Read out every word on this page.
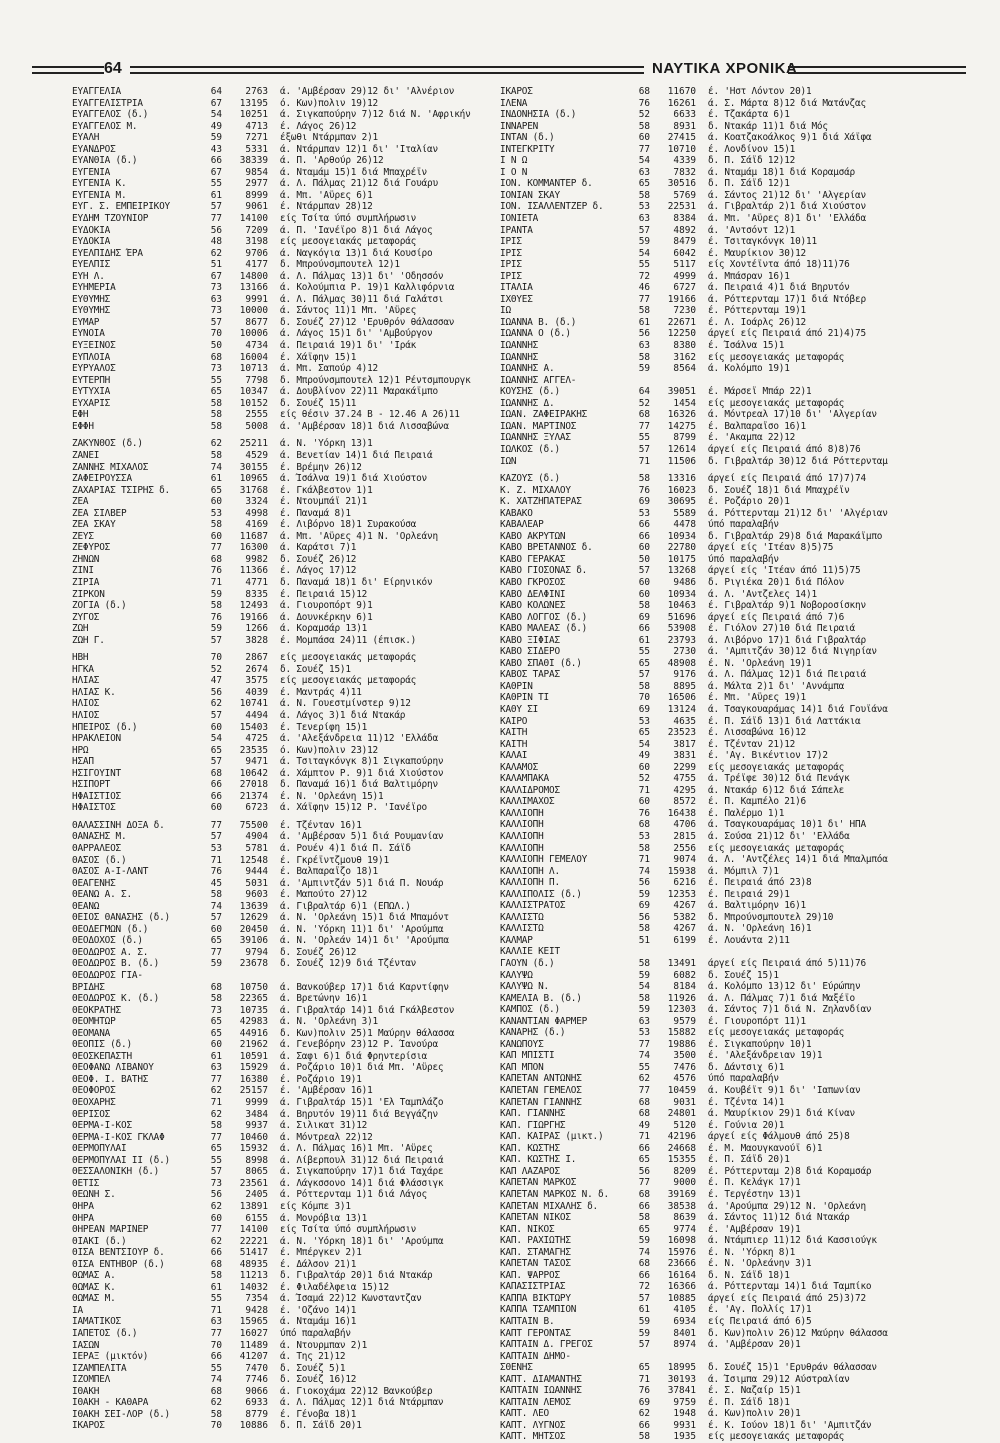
64	ΝΑΥΤΙΚΑ ΧΡΟΝΙΚΑ
ΕΥΑΓΓΕΛΙΑ	64	2763	ά. 'Αμβέρσαν 29)12 δι' 'Αλνέριον
ΕΥΑΓΓΕΛΙΣΤΡΙΑ	67	13195	ό. Κων)πολιν 19)12
ΕΥΑΓΓΕΛΟΣ (δ.)	54	10251	ά. Σιγκαπούρην 7)12 διά Ν. 'Αφρικήν
ΕΥΑΓΓΕΛΟΣ Μ.	49	4713	έ. Λάγος 26)12
ΕΥΑΛΗ	59	7271	έξωθι Ντάρμπαν 2)1
ΕΥΑΝΔΡΟΣ	43	5331	ά. Ντάρμπαν 12)1 δι' 'Ιταλίαν
ΕΥΑΝΘΙΑ (δ.)	66	38339	ά. Π. 'Αρθούρ 26)12
ΕΥΓΕΝΙΑ	67	9854	ά. Νταμάμ 15)1 διά Μπαχρέϊν
ΕΥΓΕΝΙΑ Κ.	55	2977	ά. Λ. Πάλμας 21)12 διά Γουάρυ
ΕΥΓΕΝΙΑ Μ.	61	8999	ά. Μπ. 'Αϋρες 6)1
ΕΥΓ. Σ. ΕΜΠΕΙΡΙΚΟΥ	57	9061	έ. Ντάρμπαν 28)12
ΕΥΔΗΜ ΤΖΟΥΝΙΟΡ	77	14100	είς Τσίτα ύπό συμπλήρωσιν
ΕΥΔΟΚΙΑ	56	7209	ά. Π. 'Ιανέϊρο 8)1 διά Λάγος
ΕΥΔΟΚΙΑ	48	3198	είς μεσογειακάς μεταφοράς
ΕΥΕΛΠΙΔΗΣ ΈΡΑ	62	9706	ά. Ναγκόγια 13)1 διά Κουσίρο
ΕΥΕΛΠΙΣ	51	4177	δ. Μπρούνσμπουτελ 12)1
ΕΥΗ Λ.	67	14800	ά. Λ. Πάλμας 13)1 δι' 'Οδησσόν
ΕΥΗΜΕΡΙΑ	73	13166	ά. Κολούμπια Ρ. 19)1 Καλλιφόρνια
ΕΥΘΥΜΗΣ	63	9991	ά. Λ. Πάλμας 30)11 διά Γαλάτσι
ΕΥΘΥΜΗΣ	73	10000	ά. Σάντος 11)1 Μπ. 'Αϋρες
ΕΥΜΑΡ	57	8677	δ. Σουέζ 27)12 'Ερυθρόν θάλασσαν
ΕΥΝΟΙΑ	70	10006	ά. Λάγος 15)1 δι' 'Αμβούργον
ΕΥΞΕΙΝΟΣ	50	4734	ά. Πειραιά 19)1 δι' 'Ιράκ
ΕΥΠΛΟΙΑ	68	16004	έ. Χάϊφην 15)1
ΕΥΡΥΑΛΟΣ	73	10713	ά. Μπ. Σαπούρ 4)12
ΕΥΤΕΡΠΗ	55	7798	δ. Μπρούνσμπουτελ 12)1 Ρέντσμπουργκ
ΕΥΤΥΧΙΑ	65	10347	ά. Δουβλίνον 22)11 Μαρακάϊμπο
ΕΥΧΑΡΙΣ	58	10152	δ. Σουέζ 15)11
ΕΦΗ	58	2555	είς θέσιν 37.24 Β - 12.46 Α 26)11
ΕΦΦΗ	58	5008	ά. 'Αμβέρσαν 18)1 διά Λισσαβώνα
ΖΑΚΥΝΘΟΣ (δ.)	62	25211	ά. Ν. 'Υόρκη 13)1
ΖΑΝΕΙ	58	4529	ά. Βενετίαν 14)1 διά Πειραιά
ΖΑΝΝΗΣ ΜΙΧΑΛΟΣ	74	30155	έ. Βρέμην 26)12
ΖΑΦΕΙΡΟΥΣΣΑ	61	10965	ά. Ίσάλνα 19)1 διά Χιούστον
ΖΑΧΑΡΙΑΣ ΤΣΙΡΗΣ δ.	65	31768	έ. Γκάλβεστον 1)1
ΖΕΑ	60	3324	έ. Ντουμπάϊ 21)1
ΖΕΑ ΣΙΛΒΕΡ	53	4998	έ. Παναμά 8)1
ΖΕΑ ΣΚΑΥ	58	4169	έ. Λιβόρνο 18)1 Συρακούσα
ΖΕΥΣ	60	11687	ά. Μπ. 'Αϋρες 4)1 Ν. 'Ορλεάνη
ΖΕΦΥΡΟΣ	77	16300	ά. Καράτσι 7)1
ΖΗΝΩΝ	68	9982	δ. Σουέζ 26)12
ΖΙΝΙ	76	11366	έ. Λάγος 17)12
ΖΙΡΙΑ	71	4771	δ. Παναμά 18)1 δι' Είρηνικόν
ΖΙΡΚΟΝ	59	8335	έ. Πειραιά 15)12
ΖΟΓΙΑ (δ.)	58	12493	ά. Γιουροπόρτ 9)1
ΖΥΓΟΣ	76	19166	ά. Δουνκέρκην 6)1
ΖΩΗ	59	1266	ά. Κοραμσάρ 13)1
ΖΩΗ Γ.	57	3828	έ. Μομπάσα 24)11 (έπισκ.)
ΗΒΗ	70	2867	είς μεσογειακάς μεταφοράς
ΗΓΚΑ	52	2674	δ. Σουέζ 15)1
ΗΛΙΑΣ	47	3575	είς μεσογειακάς μεταφοράς
ΗΛΙΑΣ Κ.	56	4039	έ. Μαντράς 4)11
ΗΛΙΟΣ	62	10741	ά. Ν. Γουεστμίνστερ 9)12
ΗΛΙΟΣ	57	4494	ά. Λάγος 3)1 διά Ντακάρ
ΗΠΕΙΡΟΣ (δ.)	60	15403	έ. Τενερίφη 15)1
ΗΡΑΚΛΕΙΟΝ	54	4725	ά. 'Αλεξάνδρεια 11)12 'Ελλάδα
ΗΡΩ	65	23535	ό. Κων)πολιν 23)12
ΗΣΑΠ	57	9471	ά. Τσιταγκόνγκ 8)1 Σιγκαπούρην
ΗΣΙΓΟΥΙΝΤ	68	10642	ά. Χάμπτον Ρ. 9)1 διά Χιούστον
ΗΣΙΠΟΡΤ	66	27018	δ. Παναμά 16)1 διά Βαλτιμόρην
ΗΦΑΙΣΤΙΟΣ	66	21374	έ. Ν. 'Ορλεάνη 15)1
ΗΦΑΙΣΤΟΣ	60	6723	ά. Χάϊφην 15)12 Ρ. 'Ιανέϊρο
ΘΑΛΑΣΣΙΝΗ ΔΟΞΑ δ.	77	75500	έ. Τζένταν 16)1
ΘΑΝΑΣΗΣ Μ.	57	4904	ά. 'Αμβέρσαν 5)1 διά Ρουμανίαν
ΘΑΡΡΑΛΕΟΣ	53	5781	ά. Ρουέν 4)1 διά Π. Σάϊδ
ΘΑΣΟΣ (δ.)	71	12548	έ. Γκρέϊντζμουθ 19)1
ΘΑΣΟΣ Α-Ι-ΛΑΝΤ	76	9444	έ. Βαλπαραΐζο 18)1
ΘΕΑΓΕΝΗΣ	45	5031	ά. 'Αμπιντζάν 5)1 διά Π. Νουάρ
ΘΕΑΝΩ Α. Σ.	58	9603	έ. Μαπούτο 27)12
ΘΕΑΝΩ	74	13639	ά. Γιβραλτάρ 6)1 (ΕΠΩΛ.)
ΘΕΙΟΣ ΘΑΝΑΣΗΣ (δ.)	57	12629	ά. Ν. 'Ορλεάνη 15)1 διά Μπαμόντ
ΘΕΟΔΕΓΜΩΝ (δ.)	60	20450	ά. Ν. 'Υόρκη 11)1 δι' 'Αρούμπα
ΘΕΟΔΟΧΟΣ (δ.)	65	39106	ά. Ν. 'Ορλεάν 14)1 δι' 'Αρούμπα
ΘΕΟΔΩΡΟΣ Α. Σ.	77	9794	δ. Σουέζ 26)12
ΘΕΟΔΩΡΟΣ Β. (δ.)	59	23678	δ. Σουέζ 12)9 διά Τζένταν
ΘΕΟΔΩΡΟΣ ΓΙΑ-
ΒΡΙΔΗΣ	68	10750	ά. Βανκούβερ 17)1 διά Καρντίφην
ΘΕΟΔΩΡΟΣ Κ. (δ.)	58	22365	ά. Βρετώνην 16)1
ΘΕΟΚΡΑΤΗΣ	73	10735	ά. Γιβραλτάρ 14)1 διά Γκάλβεστον
ΘΕΟΜΗΤΩΡ	65	42983	ά. Ν. 'Ορλεάνη 3)1
ΘΕΟΜΑΝΑ	65	44916	δ. Κων)πολιν 25)1 Μαύρην θάλασσα
ΘΕΟΠΙΣ (δ.)	60	21962	ά. Γενεβόρην 23)12 Ρ. Ίανούρα
ΘΕΟΣΚΕΠΑΣΤΗ	61	10591	ά. Σαφι 6)1 διά Φρηντερίσια
ΘΕΟΦΑΝΩ ΛΙΒΑΝΟΥ	63	15929	ά. Ροζάριο 10)1 διά Μπ. 'Αϋρες
ΘΕΟΦ. Ι. ΒΑΤΗΣ	77	16380	έ. Ροζάριο 19)1
ΘΕΟΦΟΡΟΣ	62	25157	έ. 'Αμβέρσαν 16)1
ΘΕΟΧΑΡΗΣ	71	9999	ά. Γιβραλτάρ 15)1 'Ελ Ταμπλάζο
ΘΕΡΙΣΟΣ	62	3484	ά. Βηρυτόν 19)11 διά Βεγγάζην
ΘΕΡΜΑ-Ι-ΚΟΣ	58	9937	ά. Σιλικατ 31)12
ΘΕΡΜΑ-Ι-ΚΟΣ ΓΚΛΑΦ	77	10460	ά. Μόντρεαλ 22)12
ΘΕΡΜΟΠΥΛΑΙ	65	15932	ά. Λ. Πάλμας 16)1 Μπ. 'Αϋρες
ΘΕΡΜΟΠΥΛΑΙ ΙΙ (δ.)	55	8998	ά. Λίβερπουλ 31)12 διά Πειραιά
ΘΕΣΣΑΛΟΝΙΚΗ (δ.)	57	8065	ά. Σιγκαπούρην 17)1 διά Ταχάρε
ΘΕΤΙΣ	73	23561	ά. Λάγκσσονο 14)1 διά Φλάσσιγκ
ΘΕΩΝΗ Σ.	56	2405	ά. Ρόττερνταμ 1)1 διά Λάγος
ΘΗΡΑ	62	13891	είς Κόμπε 3)1
ΘΗΡΑ	60	6155	ά. Μονρόβια 13)1
ΘΗΡΕΑΝ ΜΑΡΙΝΕΡ	77	14100	είς Τσίτα ύπό συμπλήρωσιν
ΘΙΑΚΙ (δ.)	62	22221	ά. Ν. 'Υόρκη 18)1 δι' 'Αρούμπα
ΘΙΣΑ ΒΕΝΤΣΙΟΥΡ δ.	66	51417	έ. Μπέργκεν 2)1
ΘΙΣΑ ΕΝΤΗΒΟΡ (δ.)	68	48935	έ. Δάλσον 21)1
ΘΩΜΑΣ Α.	58	11213	δ. Γιβραλτάρ 20)1 διά Ντακάρ
ΘΩΜΑΣ Κ.	61	14032	έ. Φιλαδέλφεια 15)12
ΘΩΜΑΣ Μ.	55	7354	ά. Ίσαμά 22)12 Κωνσταντζαν
ΙΑ	71	9428	έ. 'Οζάνο 14)1
ΙΑΜΑΤΙΚΟΣ	63	15965	ά. Νταμάμ 16)1
ΙΑΠΕΤΟΣ (δ.)	77	16027	ύπό παραλαβήν
ΙΑΣΩΝ	70	11489	ά. Ντουρμπαν 2)1
ΙΕΡΑΞ (μικτόν)	66	41207	ά. Της 21)12
ΙΖΑΜΠΕΛΙΤΑ	55	7470	δ. Σουέζ 5)1
ΙΖΟΜΠΕΛ	74	7746	δ. Σουέζ 16)12
ΙΘΑΚΗ	68	9066	ά. Γιοκοχάμα 22)12 Βανκούβερ
ΙΘΑΚΗ - ΚΑΘΑΡΑ	62	6933	ά. Λ. Πάλμας 12)1 διά Ντάρμπαν
ΙΘΑΚΗ ΣΕΙ-ΛΟΡ (δ.)	58	8779	έ. Γένοβα 18)1
ΙΚΑΡΟΣ	70	10886	δ. Π. Σάϊδ 20)1
ΙΚΑΡΟΣ	68	11670	έ. 'Ηστ Λόντον 20)1
ΙΛΕΝΑ	76	16261	ά. Σ. Μάρτα 8)12 διά Ματάνζας
ΙΝΔΟΝΗΣΙΑ (δ.)	52	6633	έ. Τζακάρτα 6)1
ΙΝΝΑΡΕΝ	58	8931	δ. Ντακάρ 11)1 διά Μός
ΙΝΤΑΝ (δ.)	60	27415	ά. Κοατζακοάλκος 9)1 διά Χάϊφα
ΙΝΤΕΓΚΡΙΤΥ	77	10710	έ. Λονδίνον 15)1
Ι Ν Ω	54	4339	δ. Π. Σάϊδ 12)12
Ι Ο Ν	63	7832	ά. Νταμάμ 18)1 διά Κοραμσάρ
ΙΟΝ. ΚΟΜΜΑΝΤΕΡ δ.	65	30516	δ. Π. Σάϊδ 12)1
ΙΟΝΙΑΝ ΣΚΑΥ	58	5769	ά. Σάντος 21)12 δι' 'Αλγερίαν
ΙΟΝ. ΙΣΑΛΛΕΝΤΖΕΡ δ.	53	22531	ά. Γιβραλτάρ 2)1 διά Χιούστον
ΙΟΝΙΕΤΑ	63	8384	ά. Μπ. 'Αϋρες 8)1 δι' 'Ελλάδα
ΙΡΑΝΤΑ	57	4892	ά. 'Αντσόντ 12)1
ΙΡΙΣ	59	8479	έ. Τσιταγκόνγκ 10)11
ΙΡΙΣ	54	6042	έ. Μαυρίκιον 30)12
ΙΡΙΣ	55	5117	είς Χοντέϊντα άπό 18)11)76
ΙΡΙΣ	72	4999	ά. Μπάσραν 16)1
ΙΤΑΛΙΑ	46	6727	ά. Πειραιά 4)1 διά Βηρυτόν
ΙΧΘΥΕΣ	77	19166	ά. Ρόττερνταμ 17)1 διά Ντόβερ
ΙΩ	58	7230	έ. Ρόττερνταμ 19)1
ΙΩΑΝΝΑ Β. (δ.)	61	22671	έ. Λ. Ιοάρλς 26)12
ΙΩΑΝΝΑ Ο (δ.)	56	12250	άργεί είς Πειραιά άπό 21)4)75
ΙΩΑΝΝΗΣ	63	8380	έ. Ίσάλνα 15)1
ΙΩΑΝΝΗΣ	58	3162	είς μεσογειακάς μεταφοράς
ΙΩΑΝΝΗΣ Α.	59	8564	ά. Κολόμπο 19)1
ΙΩΑΝΝΗΣ ΑΓΓΕΛ-
ΚΟΥΣΗΣ (δ.)	64	39051	έ. Μάρσεϊ Μπάρ 22)1
ΙΩΑΝΝΗΣ Δ.	52	1454	είς μεσογειακάς μεταφοράς
ΙΩΑΝ. ΖΑΦΕΙΡΑΚΗΣ	68	16326	ά. Μόντρεαλ 17)10 δι' 'Αλγερίαν
ΙΩΑΝ. ΜΑΡΤΙΝΟΣ	77	14275	έ. Βαλπαραΐσο 16)1
ΙΩΑΝΝΗΣ ΞΥΛΑΣ	55	8799	έ. 'Ακαμπα 22)12
ΙΩΛΚΟΣ (δ.)	57	12614	άργεί είς Πειραιά άπό 8)8)76
ΙΩΝ	71	11506	δ. Γιβραλτάρ 30)12 διά Ρόττερνταμ
ΚΑΖΟΥΣ (δ.)	58	13316	άργεί είς Πειραιά άπό 17)7)74
Κ. Ζ. ΜΙΧΑΛΟΥ	76	16023	δ. Σουέζ 18)1 διά Μπαχρέϊν
Κ. ΧΑΤΖΗΠΑΤΕΡΑΣ	69	30695	έ. Ροζάριο 20)1
ΚΑΒΑΚΟ	53	5589	ά. Ρόττερνταμ 21)12 δι' 'Αλγέριαν
ΚΑΒΑΛΕΑΡ	66	4478	ύπό παραλαβήν
ΚΑΒΟ ΑΚΡΥΤΩΝ	66	10934	δ. Γιβραλτάρ 29)8 διά Μαρακάϊμπο
ΚΑΒΟ ΒΡΕΤΑΝΝΟΣ δ.	60	22780	άργεί είς 'Ιτέαν 8)5)75
ΚΑΒΟ ΓΕΡΑΚΑΣ	50	10175	ύπό παραλαβήν
ΚΑΒΟ ΓΙΟΣΟΝΑΣ δ.	57	13268	άργεί είς 'Ιτέαν άπό 11)5)75
ΚΑΒΟ ΓΚΡΟΣΟΣ	60	9486	δ. Ριγιέκα 20)1 διά Πόλον
ΚΑΒΟ ΔΕΛΦΙΝΙ	60	10934	ά. Λ. 'Αντζελες 14)1
ΚΑΒΟ ΚΟΛΩΝΕΣ	58	10463	έ. Γιβραλτάρ 9)1 Νοβοροσίσκην
ΚΑΒΟ ΛΟΓΓΟΣ (δ.)	69	51696	άργεί είς Πειραιά άπό 7)6
ΚΑΒΟ ΜΑΛΕΑΣ (δ.)	66	53908	έ. Γιόλον 27)10 διά Πειραιά
ΚΑΒΟ ΞΙΦΙΑΣ	61	23793	ά. Λιβόρνο 17)1 διά Γιβραλτάρ
ΚΑΒΟ ΣΙΔΕΡΟ	55	2730	ά. 'Αμπιτζάν 30)12 διά Νιγηρίαν
ΚΑΒΟ ΣΠΑΘΙ (δ.)	65	48908	έ. Ν. 'Ορλεάνη 19)1
ΚΑΒΟΣ ΤΑΡΑΣ	57	9176	ά. Λ. Πάλμας 12)1 διά Πειραιά
ΚΑΘΡΙΝ	58	8895	ά. Μάλτα 2)1 δι' 'Αννάμπα
ΚΑΘΡΙΝ ΤΙ	70	16506	έ. Μπ. 'Αϋρες 19)1
ΚΑΘΥ ΣΙ	69	13124	ά. Τσαγκουαράμας 14)1 διά Γουϊάνα
ΚΑΙΡΟ	53	4635	έ. Π. Σάϊδ 13)1 διά Λαττάκια
ΚΑΙΤΗ	65	23523	έ. Λισσαβώνα 16)12
ΚΑΙΤΗ	54	3817	έ. Τζένταν 21)12
ΚΑΛΑΙ	49	3831	έ. 'Αγ. Βικέντιον 17)2
ΚΑΛΑΜΟΣ	60	2299	είς μεσογειακάς μεταφοράς
ΚΑΛΑΜΠΑΚΑ	52	4755	ά. Τρέϊφε 30)12 διά Πενάγκ
ΚΑΛΛΙΔΡΟΜΟΣ	71	4295	ά. Ντακάρ 6)12 διά Σάπελε
ΚΑΛΛΙΜΑΧΟΣ	60	8572	έ. Π. Καμπέλο 21)6
ΚΑΛΛΙΟΠΗ	76	16438	έ. Παλέρμο 1)1
ΚΑΛΛΙΟΠΗ	68	4706	ά. Τσαγκουαράμας 10)1 δι' ΗΠΑ
ΚΑΛΛΙΟΠΗ	53	2815	ά. Σούσα 21)12 δι' 'Ελλάδα
ΚΑΛΛΙΟΠΗ	58	2556	είς μεσογειακάς μεταφοράς
ΚΑΛΛΙΟΠΗ ΓΕΜΕΛΟΥ	71	9074	ά. Λ. 'Αντζέλες 14)1 διά Μπαλμπόα
ΚΑΛΛΙΟΠΗ Λ.	74	15938	ά. Μόμπιλ 7)1
ΚΑΛΛΙΟΠΗ Π.	56	6216	έ. Πειραιά άπό 23)8
ΚΑΛΛΙΠΟΛΙΣ (δ.)	59	12353	έ. Πειραιά 29)1
ΚΑΛΛΙΣΤΡΑΤΟΣ	69	4267	ά. Βαλτιμόρην 16)1
ΚΑΛΛΙΣΤΩ	56	5382	δ. Μπρούνσμπουτελ 29)10
ΚΑΛΛΙΣΤΩ	58	4267	ά. Ν. 'Ορλεάνη 16)1
ΚΑΛΜΑΡ	51	6199	έ. Λουάντα 2)11
ΚΑΛΛΙΕ ΚΕΙΤ
ΓΑΟΥΝ (δ.)	58	13491	άργεί είς Πειραιά άπό 5)11)76
ΚΑΛΥΨΩ	59	6082	δ. Σουέζ 15)1
ΚΑΛΥΨΩ Ν.	54	8184	ά. Κολόμπο 13)12 δι' Εύρώπην
ΚΑΜΕΛΙΑ Β. (δ.)	58	11926	ά. Λ. Πάλμας 7)1 διά Μαξέϊο
ΚΑΜΠΟΣ (δ.)	59	12303	ά. Σάντος 7)1 διά Ν. Ζηλανδίαν
ΚΑΝΑΝΤΙΑΝ ΦΑΡΜΕΡ	63	9579	έ. Γιουροπόρτ 11)1
ΚΑΝΑΡΗΣ (δ.)	53	15882	είς μεσογειακάς μεταφοράς
ΚΑΝΩΠΟΥΣ	77	19886	έ. Σιγκαπούρην 10)1
ΚΑΠ ΜΠΙΣΤΙ	74	3500	έ. 'Αλεξάνδρειαν 19)1
ΚΑΠ ΜΠΟΝ	55	7476	δ. Δάντσιχ 6)1
ΚΑΠΕΤΑΝ ΑΝΤΩΝΗΣ	62	4576	ύπό παραλαβήν
ΚΑΠΕΤΑΝ ΓΕΜΕΛΟΣ	77	10459	ά. Κουβέϊτ 9)1 δι' 'Ιαπωνίαν
ΚΑΠΕΤΑΝ ΓΙΑΝΝΗΣ	68	9031	έ. Τζέντα 14)1
ΚΑΠ. ΓΙΑΝΝΗΣ	68	24801	ά. Μαυρίκιον 29)1 διά Κίναν
ΚΑΠ. ΓΙΩΡΓΗΣ	49	5120	έ. Γούνια 20)1
ΚΑΠ. ΚΑΙΡΑΣ (μικτ.)	71	42196	άργεί είς Φάλμουθ άπό 25)8
ΚΑΠ. ΚΩΣΤΗΣ	66	24668	έ. Μ. Μαουγκανούϊ 6)1
ΚΑΠ. ΚΩΣΤΗΣ Ι.	65	15355	έ. Π. Σάϊδ 20)1
ΚΑΠ ΛΑΖΑΡΟΣ	56	8209	έ. Ρόττερνταμ 2)8 διά Κοραμσάρ
ΚΑΠΕΤΑΝ ΜΑΡΚΟΣ	77	9000	έ. Π. Κελάγκ 17)1
ΚΑΠΕΤΑΝ ΜΑΡΚΟΣ Ν. δ.	68	39169	έ. Τεργέστην 13)1
ΚΑΠΕΤΑΝ ΜΙΧΑΛΗΣ δ.	66	38538	ά. 'Αρούμπα 29)12 Ν. 'Ορλεάνη
ΚΑΠΕΤΑΝ ΝΙΚΟΣ	58	8639	ά. Σάντος 11)12 διά Ντακάρ
ΚΑΠ. ΝΙΚΟΣ	65	9774	έ. 'Αμβέρσαν 19)1
ΚΑΠ. ΡΑΧΙΩΤΗΣ	59	16098	ά. Ντάμπιερ 11)12 διά Κασσιούγκ
ΚΑΠ. ΣΤΑΜΑΓΗΣ	74	15976	έ. Ν. 'Υόρκη 8)1
ΚΑΠΕΤΑΝ ΤΑΣΟΣ	68	23666	έ. Ν. 'Ορλεάνην 3)1
ΚΑΠ. ΨΑΡΡΟΣ	66	16164	δ. Ν. Σάϊδ 18)1
ΚΑΠΑΣΙΣΤΡΙΑΣ	72	16366	ά. Ρόττερνταμ 14)1 διά Ταμπίκο
ΚΑΠΠΑ ΒΙΚΤΩΡΥ	57	10885	άργεί είς Πειραιά άπό 25)3)72
ΚΑΠΠΑ ΤΣΑΜΠΙΟΝ	61	4105	έ. 'Αγ. Πολλίς 17)1
ΚΑΠΤΑΙΝ Β.	59	6934	είς Πειραιά άπό 6)5
ΚΑΠΤ ΓΕΡΟΝΤΑΣ	59	8401	δ. Κων)πολιν 26)12 Μαύρην θάλασσα
ΚΑΠΤΑΙΝ Δ. ΓΡΕΓΟΣ	57	8974	ά. 'Αμβέρσαν 20)1
ΚΑΠΤΑΙΝ ΔΗΜΟ-
ΣΘΕΝΗΣ	65	18995	δ. Σουέζ 15)1 'Ερυθράν θάλασσαν
ΚΑΠΤ. ΔΙΑΜΑΝΤΗΣ	71	30193	ά. Ίσιμπα 29)12 Αύστραλίαν
ΚΑΠΤΑΙΝ ΙΩΑΝΝΗΣ	76	37841	έ. Σ. Ναζαίρ 15)1
ΚΑΠΤΑΙΝ ΛΕΜΟΣ	69	9759	έ. Π. Σάϊδ 18)1
ΚΑΠΤ. ΛΕΟ	62	1948	ά. Κων)πολιν 20)1
ΚΑΠΤ. ΛΥΓΝΟΣ	66	9931	έ. Κ. Ιούον 18)1 δι' 'Αμπιτζάν
ΚΑΠΤ. ΜΗΤΣΟΣ	58	1935	είς μεσογειακάς μεταφοράς
